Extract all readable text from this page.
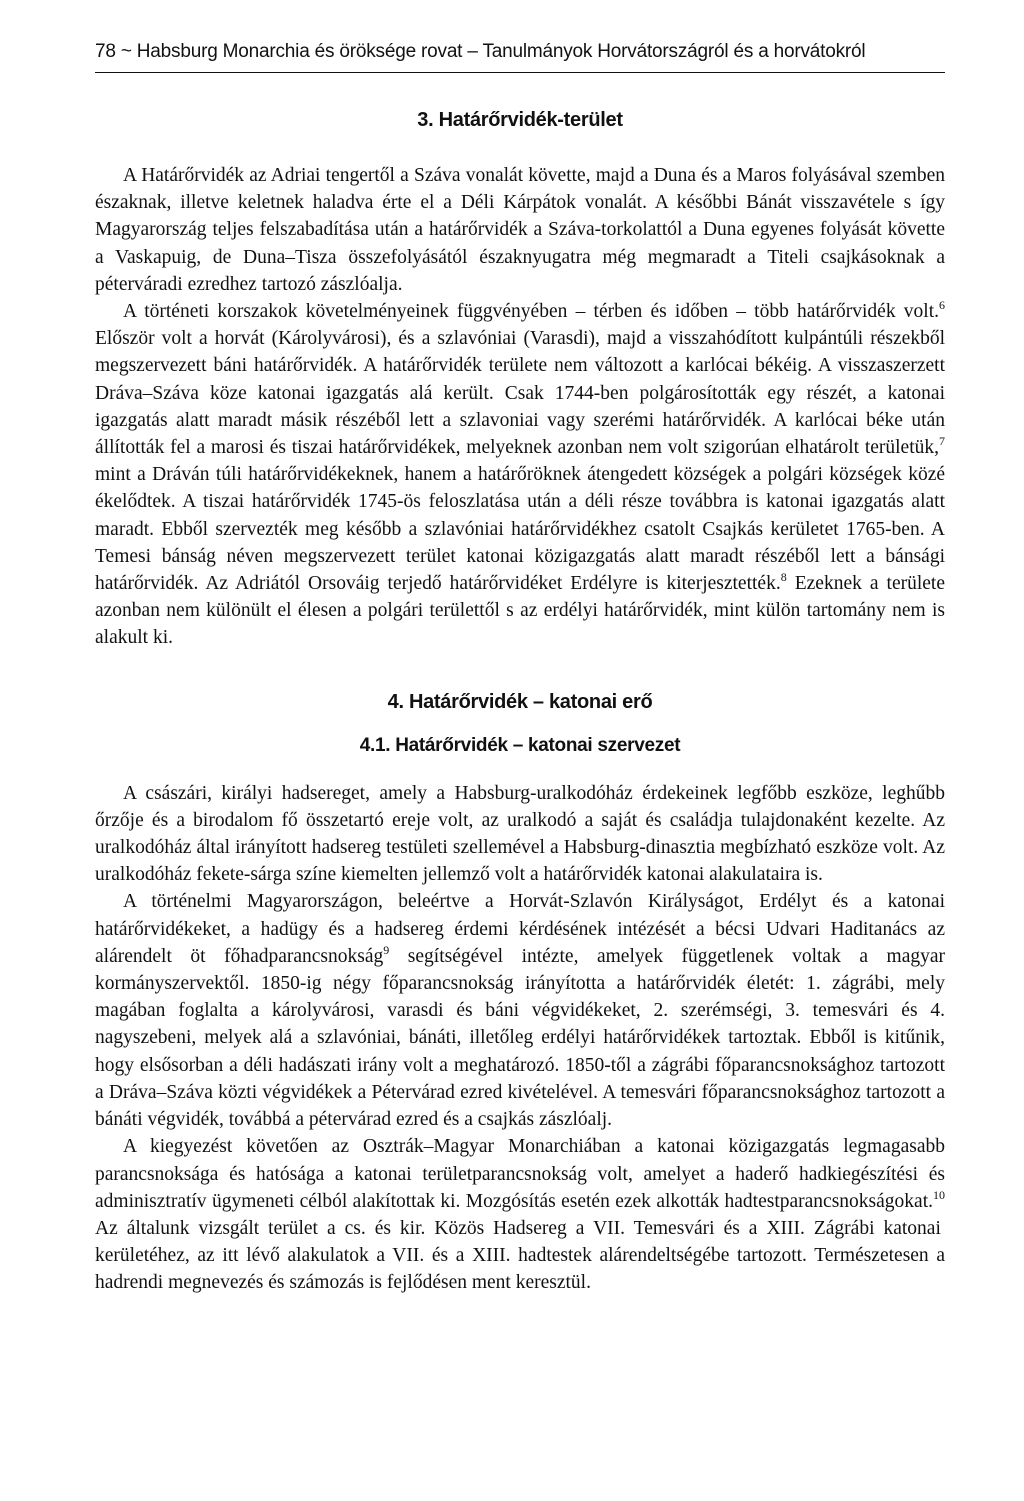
78 ~ Habsburg Monarchia és öröksége rovat – Tanulmányok Horvátországról és a horvátokról
3. Határőrvidék-terület

A Határőrvidék az Adriai tengertől a Száva vonalát követte, majd a Duna és a Maros folyásával szemben északnak, illetve keletnek haladva érte el a Déli Kárpátok vonalát. A későbbi Bánát visszavétele s így Magyarország teljes felszabadítása után a határőrvidék a Száva-torkolattól a Duna egyenes folyását követte a Vaskapuig, de Duna–Tisza összefolyásától északnyugatra még megmaradt a Titeli csajkásoknak a péterváradi ezredhez tartozó zászlóalja.

A történeti korszakok követelményeinek függvényében – térben és időben – több határőrvidék volt.$^6$ Először volt a horvát (Károlyvárosi), és a szlavóniai (Varasdi), majd a visszahódított kulpántúli részekből megszervezett báni határőrvidék. A határőrvidék területe nem változott a karlócai békéig. A visszaszerzett Dráva–Száva köze katonai igazgatás alá került. Csak 1744-ben polgárosították egy részét, a katonai igazgatás alatt maradt másik részéből lett a szlavoniai vagy szerémi határőrvidék. A karlócai béke után állították fel a marosi és tiszai határőrvidékek, melyeknek azonban nem volt szigorúan elhatárolt területük,$^7$ mint a Dráván túli határőrvidékeknek, hanem a határőröknek átengedett községek a polgári községek közé ékelődtek. A tiszai határőrvidék 1745-ös feloszlatása után a déli része továbbra is katonai igazgatás alatt maradt. Ebből szervezték meg később a szlavóniai határőrvidékhez csatolt Csajkás kerületet 1765-ben. A Temesi bánság néven megszervezett terület katonai közigazgatás alatt maradt részéből lett a bánsági határőrvidék. Az Adriától Orsováig terjedő határőrvidéket Erdélyre is kiterjesztették.$^8$ Ezeknek a területe azonban nem különült el élesen a polgári területtől s az erdélyi határőrvidék, mint külön tartomány nem is alakult ki.

4. Határőrvidék – katonai erő
4.1. Határőrvidék – katonai szervezet

A császári, királyi hadsereget, amely a Habsburg-uralkodóház érdekeinek legfőbb eszköze, leghűbb őrzője és a birodalom fő összetartó ereje volt, az uralkodó a saját és családja tulajdonaként kezelte. Az uralkodóház által irányított hadsereg testületi szellemével a Habsburg-dinasztia megbízható eszköze volt. Az uralkodóház fekete-sárga színe kiemelten jellemző volt a határőrvidék katonai alakulataira is.

A történelmi Magyarországon, beleértve a Horvát-Szlavón Királyságot, Erdélyt és a katonai határőrvidékeket, a hadügy és a hadsereg érdemi kérdésének intézését a bécsi Udvari Haditanács az alárendelt öt főhadparancsnokság$^9$ segítségével intézte, amelyek függetlenek voltak a magyar kormányszervektől. 1850-ig négy főparancsnokság irányította a határőrvidék életét: 1. zágrábi, mely magában foglalta a károlyvárosi, varasdi és báni végvidékeket, 2. szerémségi, 3. temesvári és 4. nagyszebeni, melyek alá a szlavóniai, bánáti, illetőleg erdélyi határőrvidékek tartoztak. Ebből is kitűnik, hogy elsősorban a déli hadászati irány volt a meghatározó. 1850-től a zágrábi főparancsnoksághoz tartozott a Dráva–Száva közti végvidékek a Pétervárad ezred kivételével. A temesvári főparancsnoksághoz tartozott a bánáti végvidék, továbbá a pétervárad ezred és a csajkás zászlóalj.

A kiegyezést követően az Osztrák–Magyar Monarchiában a katonai közigazgatás legmagasabb parancsnoksága és hatósága a katonai területparancsnokság volt, amelyet a haderő hadkiegészítési és adminisztratív ügymeneti célból alakítottak ki. Mozgósítás esetén ezek alkották hadtestparancsnokságokat.$^{10}$ Az általunk vizsgált terület a cs. és kir. Közös Hadsereg a VII. Temesvári és a XIII. Zágrábi katonai kerületéhez, az itt lévő alakulatok a VII. és a XIII. hadtestek alárendeltségébe tartozott. Természetesen a hadrendi megnevezés és számozás is fejlődésen ment keresztül.
